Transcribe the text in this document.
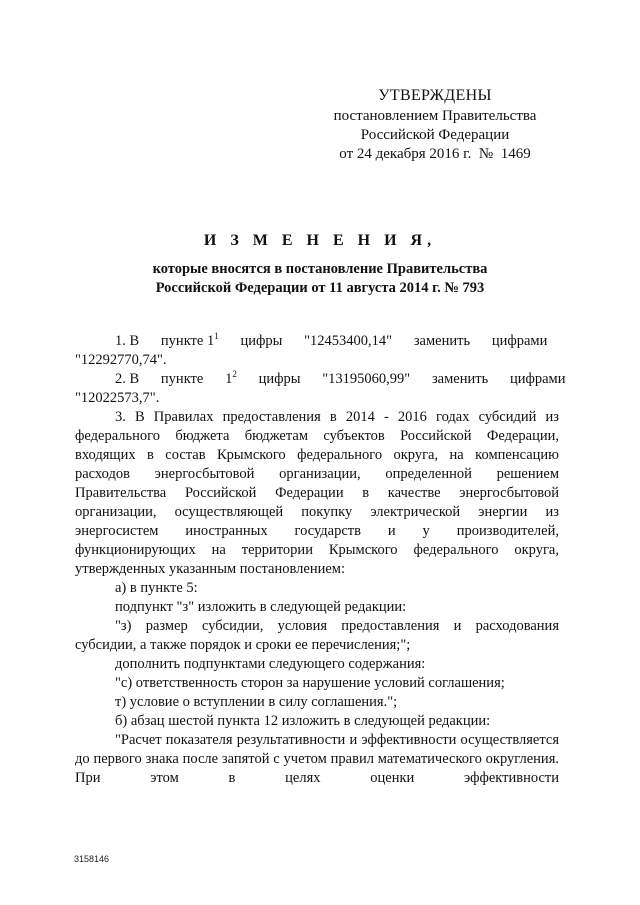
УТВЕРЖДЕНЫ
постановлением Правительства
Российской Федерации
от 24 декабря 2016 г.  №  1469
И З М Е Н Е Н И Я,
которые вносятся в постановление Правительства
Российской Федерации от 11 августа 2014 г. № 793

1. В      пункте $1^1$      цифры      "12453400,14"      заменить      цифрами

"12292770,74".

2. В      пункте      $1^2$      цифры      "13195060,99"      заменить      цифрами

"12022573,7".

3. В Правилах предоставления в 2014 - 2016 годах субсидий из федерального бюджета бюджетам субъектов Российской Федерации, входящих в состав Крымского федерального округа, на компенсацию расходов энергосбытовой организации, определенной решением Правительства Российской Федерации в качестве энергосбытовой организации, осуществляющей покупку электрической энергии из энергосистем иностранных государств и у производителей, функционирующих на территории Крымского федерального округа, утвержденных указанным постановлением:

а) в пункте 5:

подпункт "з" изложить в следующей редакции:

"з) размер субсидии, условия предоставления и расходования субсидии, а также порядок и сроки ее перечисления;";

дополнить подпунктами следующего содержания:

"с) ответственность сторон за нарушение условий соглашения;

т) условие о вступлении в силу соглашения.";

б) абзац шестой пункта 12 изложить в следующей редакции:

"Расчет показателя результативности и эффективности осуществляется до первого знака после запятой с учетом правил математического округления. При этом в целях оценки эффективности

3158146
